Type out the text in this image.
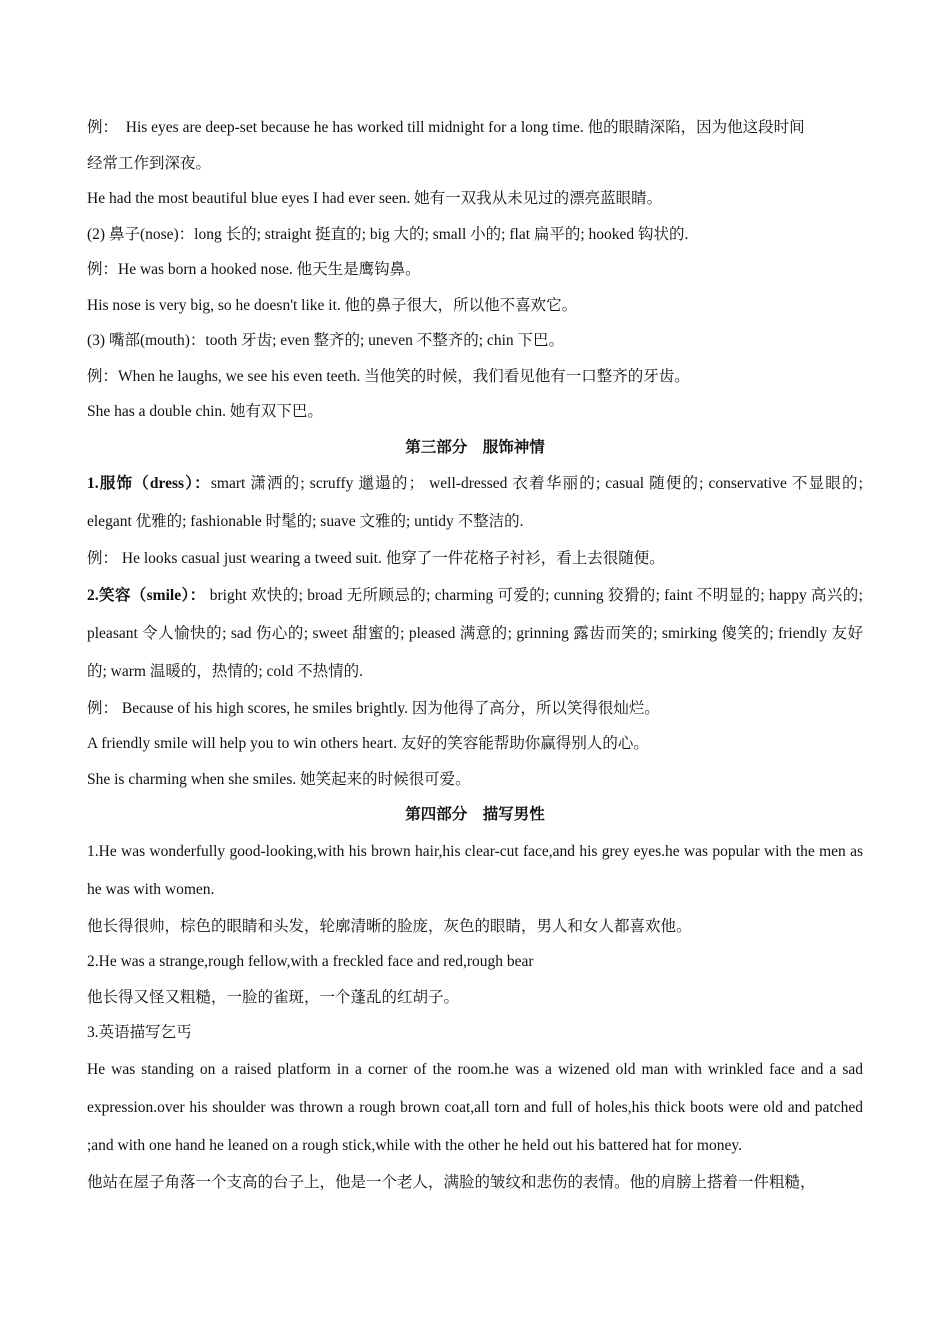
例：　His eyes are deep-set because he has worked till midnight for a long time. 他的眼睛深陷，因为他这段时间

经常工作到深夜。

He had the most beautiful blue eyes I had ever seen. 她有一双我从未见过的漂亮蓝眼睛。

(2) 鼻子(nose)：long 长的; straight 挺直的; big 大的; small 小的; flat 扁平的; hooked 钩状的.

例：He was born a hooked nose. 他天生是鹰钩鼻。

His nose is very big, so he doesn't like it. 他的鼻子很大，所以他不喜欢它。

(3) 嘴部(mouth)：tooth 牙齿; even 整齐的; uneven 不整齐的; chin 下巴。

例：When he laughs, we see his even teeth. 当他笑的时候，我们看见他有一口整齐的牙齿。

She has a double chin. 她有双下巴。

第三部分　服饰神情

1.服饰（dress）：smart 潇洒的; scruffy 邋遢的； well-dressed 衣着华丽的; casual 随便的; conservative 不显眼的; elegant 优雅的; fashionable 时髦的; suave 文雅的; untidy 不整洁的.

例： He looks casual just wearing a tweed suit. 他穿了一件花格子衬衫，看上去很随便。

2.笑容（smile）： bright 欢快的; broad 无所顾忌的; charming 可爱的; cunning 狡猾的; faint 不明显的; happy 高兴的; pleasant 令人愉快的; sad 伤心的; sweet 甜蜜的; pleased 满意的; grinning 露齿而笑的; smirking 傻笑的; friendly 友好的; warm 温暖的，热情的; cold 不热情的.

例： Because of his high scores, he smiles brightly. 因为他得了高分，所以笑得很灿烂。

A friendly smile will help you to win others heart. 友好的笑容能帮助你赢得别人的心。

She is charming when she smiles. 她笑起来的时候很可爱。

第四部分　描写男性

1.He was wonderfully good-looking,with his brown hair,his clear-cut face,and his grey eyes.he was popular with the men as he was with women.

他长得很帅，棕色的眼睛和头发，轮廓清晰的脸庞，灰色的眼睛，男人和女人都喜欢他。

2.He was a strange,rough fellow,with a freckled face and red,rough bear

他长得又怪又粗糙，一脸的雀斑，一个蓬乱的红胡子。

3.英语描写乞丐

He was standing on a raised platform in a corner of the room.he was a wizened old man with wrinkled face and a sad expression.over his shoulder was thrown a rough brown coat,all torn and full of holes,his thick boots were old and patched ;and with one hand he leaned on a rough stick,while with the other he held out his battered hat for money.

他站在屋子角落一个支高的台子上，他是一个老人，满脸的皱纹和悲伤的表情。他的肩膀上搭着一件粗糙，
